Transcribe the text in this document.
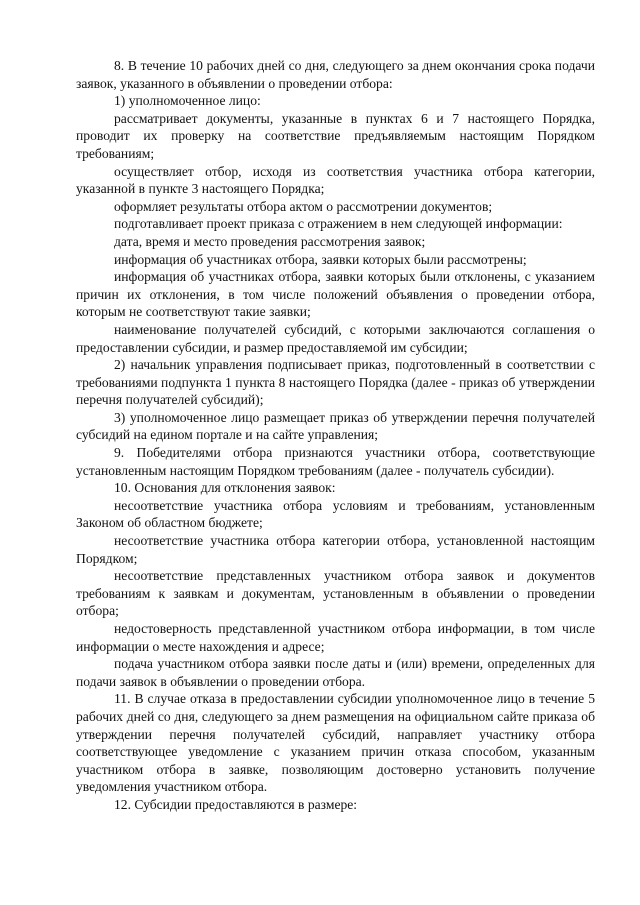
8. В течение 10 рабочих дней со дня, следующего за днем окончания срока подачи заявок, указанного в объявлении о проведении отбора:

1) уполномоченное лицо:

рассматривает документы, указанные в пунктах 6 и 7 настоящего Порядка, проводит их проверку на соответствие предъявляемым настоящим Порядком требованиям;

осуществляет отбор, исходя из соответствия участника отбора категории, указанной в пункте 3 настоящего Порядка;

оформляет результаты отбора актом о рассмотрении документов;

подготавливает проект приказа с отражением в нем следующей информации:

дата, время и место проведения рассмотрения заявок;

информация об участниках отбора, заявки которых были рассмотрены;

информация об участниках отбора, заявки которых были отклонены, с указанием причин их отклонения, в том числе положений объявления о проведении отбора, которым не соответствуют такие заявки;

наименование получателей субсидий, с которыми заключаются соглашения о предоставлении субсидии, и размер предоставляемой им субсидии;

2) начальник управления подписывает приказ, подготовленный в соответствии с требованиями подпункта 1 пункта 8 настоящего Порядка (далее - приказ об утверждении перечня получателей субсидий);

3) уполномоченное лицо размещает приказ об утверждении перечня получателей субсидий на едином портале и на сайте управления;

9. Победителями отбора признаются участники отбора, соответствующие установленным настоящим Порядком требованиям (далее - получатель субсидии).

10. Основания для отклонения заявок:

несоответствие участника отбора условиям и требованиям, установленным Законом об областном бюджете;

несоответствие участника отбора категории отбора, установленной настоящим Порядком;

несоответствие представленных участником отбора заявок и документов требованиям к заявкам и документам, установленным в объявлении о проведении отбора;

недостоверность представленной участником отбора информации, в том числе информации о месте нахождения и адресе;

подача участником отбора заявки после даты и (или) времени, определенных для подачи заявок в объявлении о проведении отбора.

11. В случае отказа в предоставлении субсидии уполномоченное лицо в течение 5 рабочих дней со дня, следующего за днем размещения на официальном сайте приказа об утверждении перечня получателей субсидий, направляет участнику отбора соответствующее уведомление с указанием причин отказа способом, указанным участником отбора в заявке, позволяющим достоверно установить получение уведомления участником отбора.

12. Субсидии предоставляются в размере:
